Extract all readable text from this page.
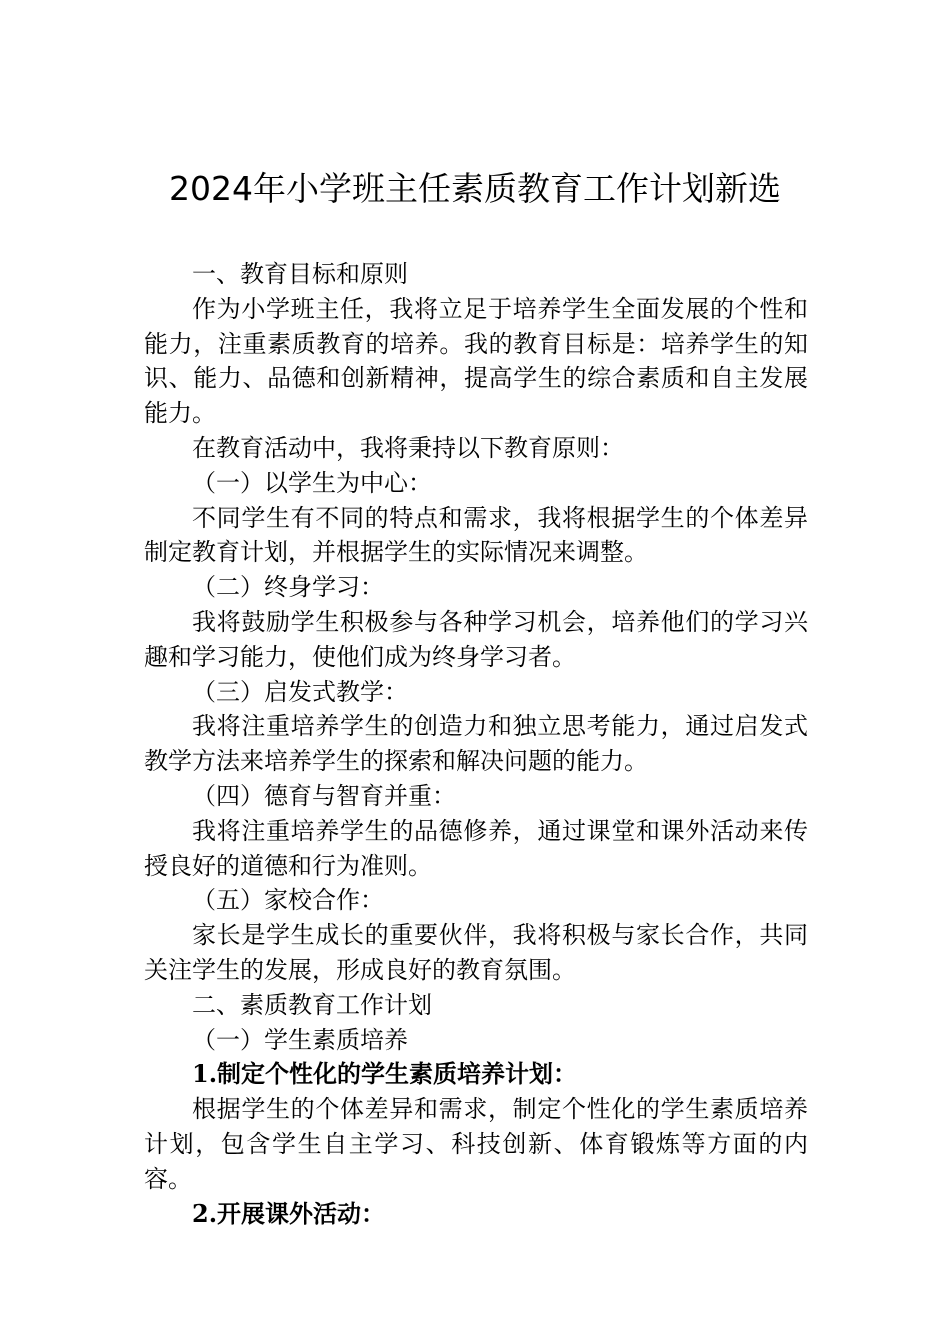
2024年小学班主任素质教育工作计划新选

一、教育目标和原则

作为小学班主任，我将立足于培养学生全面发展的个性和能力，注重素质教育的培养。我的教育目标是：培养学生的知识、能力、品德和创新精神，提高学生的综合素质和自主发展能力。

在教育活动中，我将秉持以下教育原则：

（一）以学生为中心：

不同学生有不同的特点和需求，我将根据学生的个体差异制定教育计划，并根据学生的实际情况来调整。

（二）终身学习：

我将鼓励学生积极参与各种学习机会，培养他们的学习兴趣和学习能力，使他们成为终身学习者。

（三）启发式教学：

我将注重培养学生的创造力和独立思考能力，通过启发式教学方法来培养学生的探索和解决问题的能力。

（四）德育与智育并重：

我将注重培养学生的品德修养，通过课堂和课外活动来传授良好的道德和行为准则。

（五）家校合作：

家长是学生成长的重要伙伴，我将积极与家长合作，共同关注学生的发展，形成良好的教育氛围。

二、素质教育工作计划

（一）学生素质培养

1.制定个性化的学生素质培养计划：

根据学生的个体差异和需求，制定个性化的学生素质培养计划，包含学生自主学习、科技创新、体育锻炼等方面的内容。

2.开展课外活动：
